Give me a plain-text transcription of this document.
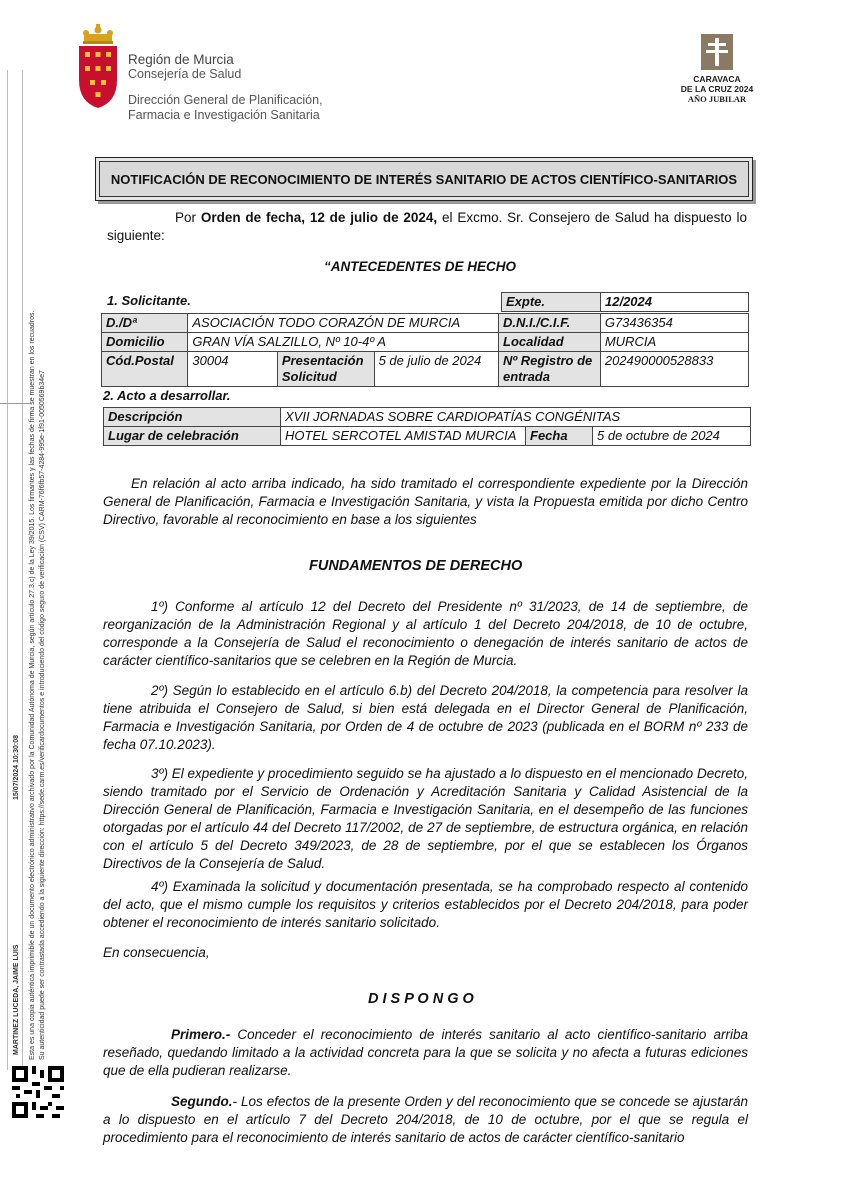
Región de Murcia
Consejería de Salud
Dirección General de Planificación,
Farmacia e Investigación Sanitaria
CARAVACA
DE LA CRUZ 2024
AÑO JUBILAR
MARTINEZ LUCEDA, JAIME LUIS
15/07/2024 10:30:08 Esta es una copia auténtica imprimible de un documento electrónico administrativo archivado por la Comunidad Autónoma de Murcia, según artículo 27.3.c) de la Ley 39/2015. Los firmantes y las fechas de firma se muestran en los recuadros. Su autenticidad puede ser contrastada accediendo a la siguiente dirección: https://sede.carm.es/verificardocumentos e introduciendo del código seguro de verificación (CSV) CARM-76f6fb57-4284-995e-1f91-0050569b34e7
NOTIFICACIÓN DE RECONOCIMIENTO DE INTERÉS SANITARIO DE ACTOS CIENTÍFICO-SANITARIOS
Por Orden de fecha, 12 de julio de 2024, el Excmo. Sr. Consejero de Salud ha dispuesto lo siguiente:
“ANTECEDENTES DE HECHO
1. Solicitante.	Expte.	12/2024
D./Dª	ASOCIACIÓN TODO CORAZÓN DE MURCIA			D.N.I./C.I.F.	G73436354
Domicilio	GRAN VÍA SALZILLO, Nº 10-4º A			Localidad	MURCIA
Cód.Postal	30004	Presentación Solicitud	5 de julio de 2024	Nº Registro de entrada	202490000528833
2. Acto a desarrollar.
Descripción	XVII JORNADAS SOBRE CARDIOPATÍAS CONGÉNITAS		
Lugar de celebración	HOTEL SERCOTEL AMISTAD MURCIA	Fecha	5 de octubre de 2024
En relación al acto arriba indicado, ha sido tramitado el correspondiente expediente por la Dirección General de Planificación, Farmacia e Investigación Sanitaria, y vista la Propuesta emitida por dicho Centro Directivo, favorable al reconocimiento en base a los siguientes
FUNDAMENTOS DE DERECHO
1º) Conforme al artículo 12 del Decreto del Presidente nº 31/2023, de 14 de septiembre, de reorganización de la Administración Regional y al artículo 1 del Decreto 204/2018, de 10 de octubre, corresponde a la Consejería de Salud el reconocimiento o denegación de interés sanitario de actos de carácter científico-sanitarios que se celebren en la Región de Murcia.
2º) Según lo establecido en el artículo 6.b) del Decreto 204/2018, la competencia para resolver la tiene atribuida el Consejero de Salud, si bien está delegada en el Director General de Planificación, Farmacia e Investigación Sanitaria, por Orden de 4 de octubre de 2023 (publicada en el BORM nº 233 de fecha 07.10.2023).
3º) El expediente y procedimiento seguido se ha ajustado a lo dispuesto en el mencionado Decreto, siendo tramitado por el Servicio de Ordenación y Acreditación Sanitaria y Calidad Asistencial de la Dirección General de Planificación, Farmacia e Investigación Sanitaria, en el desempeño de las funciones otorgadas por el artículo 44 del Decreto 117/2002, de 27 de septiembre, de estructura orgánica, en relación con el artículo 5 del Decreto 349/2023, de 28 de septiembre, por el que se establecen los Órganos Directivos de la Consejería de Salud.
4º) Examinada la solicitud y documentación presentada, se ha comprobado respecto al contenido del acto, que el mismo cumple los requisitos y criterios establecidos por el Decreto 204/2018, para poder obtener el reconocimiento de interés sanitario solicitado.
En consecuencia,
D I S P O N G O
Primero.- Conceder el reconocimiento de interés sanitario al acto científico-sanitario arriba reseñado, quedando limitado a la actividad concreta para la que se solicita y no afecta a futuras ediciones que de ella pudieran realizarse.
Segundo.- Los efectos de la presente Orden y del reconocimiento que se concede se ajustarán a lo dispuesto en el artículo 7 del Decreto 204/2018, de 10 de octubre, por el que se regula el procedimiento para el reconocimiento de interés sanitario de actos de carácter científico-sanitario
